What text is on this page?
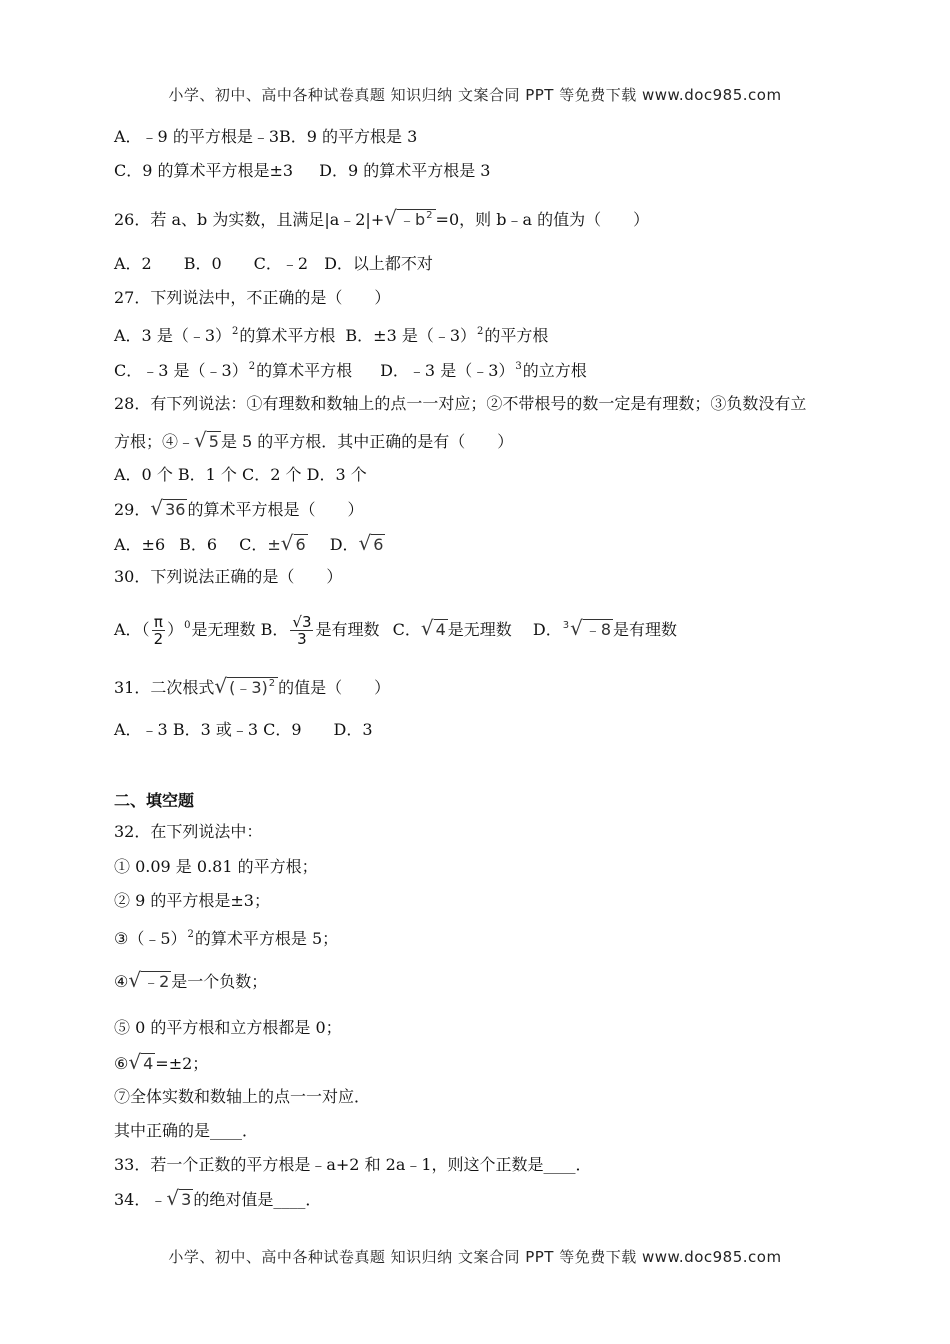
小学、初中、高中各种试卷真题 知识归纳 文案合同 PPT 等免费下载 www.doc985.com
A．﹣9 的平方根是﹣3B．9 的平方根是 3
C．9 的算术平方根是±3 D．9 的算术平方根是 3
26．若 a、b 为实数，且满足|a﹣2|+√ $﹣b^2 =0$，则 b﹣a 的值为（　　）
A．2　　B．0　　C．﹣2　D．以上都不对
27．下列说法中，不正确的是（　　）
A．3 是（﹣3）$^2$的算术平方根 B．±3 是（﹣3）$^2$的平方根
C．﹣3 是（﹣3）$^2$的算术平方根 D．﹣3 是（﹣3）$^3$的立方根
28．有下列说法：①有理数和数轴上的点一一对应；②不带根号的数一定是有理数；③负数没有立
方根；④﹣√ 5 是 5 的平方根．其中正确的是有（　　）
A．0 个 B．1 个 C．2 个 D．3 个
29．√ 36 的算术平方根是（　　）
A．±6 B．6 C．±√ 6 D．√ 6
30．下列说法正确的是（　　）
A．（ $\frac{\pi}{2} )^0$是无理数 B． $\frac{√3}{3}$ 是有理数 C．√ 4 是无理数 D．$^3$√ ﹣8 是有理数
31．二次根式√ (﹣3)$^2$ 的值是（　　）
A．﹣3 B．3 或﹣3 C．9　　D．3
二、填空题
32．在下列说法中：
① 0.09 是 0.81 的平方根；
② 9 的平方根是±3；
③（﹣5）$^2$的算术平方根是 5；
④√ ﹣2 是一个负数；
⑤ 0 的平方根和立方根都是 0；
⑥√ 4 =±2；
⑦全体实数和数轴上的点一一对应．
其中正确的是____．
33．若一个正数的平方根是﹣a+2 和 2a﹣1，则这个正数是____．
34．﹣√ 3 的绝对值是____．
小学、初中、高中各种试卷真题 知识归纳 文案合同 PPT 等免费下载 www.doc985.com
